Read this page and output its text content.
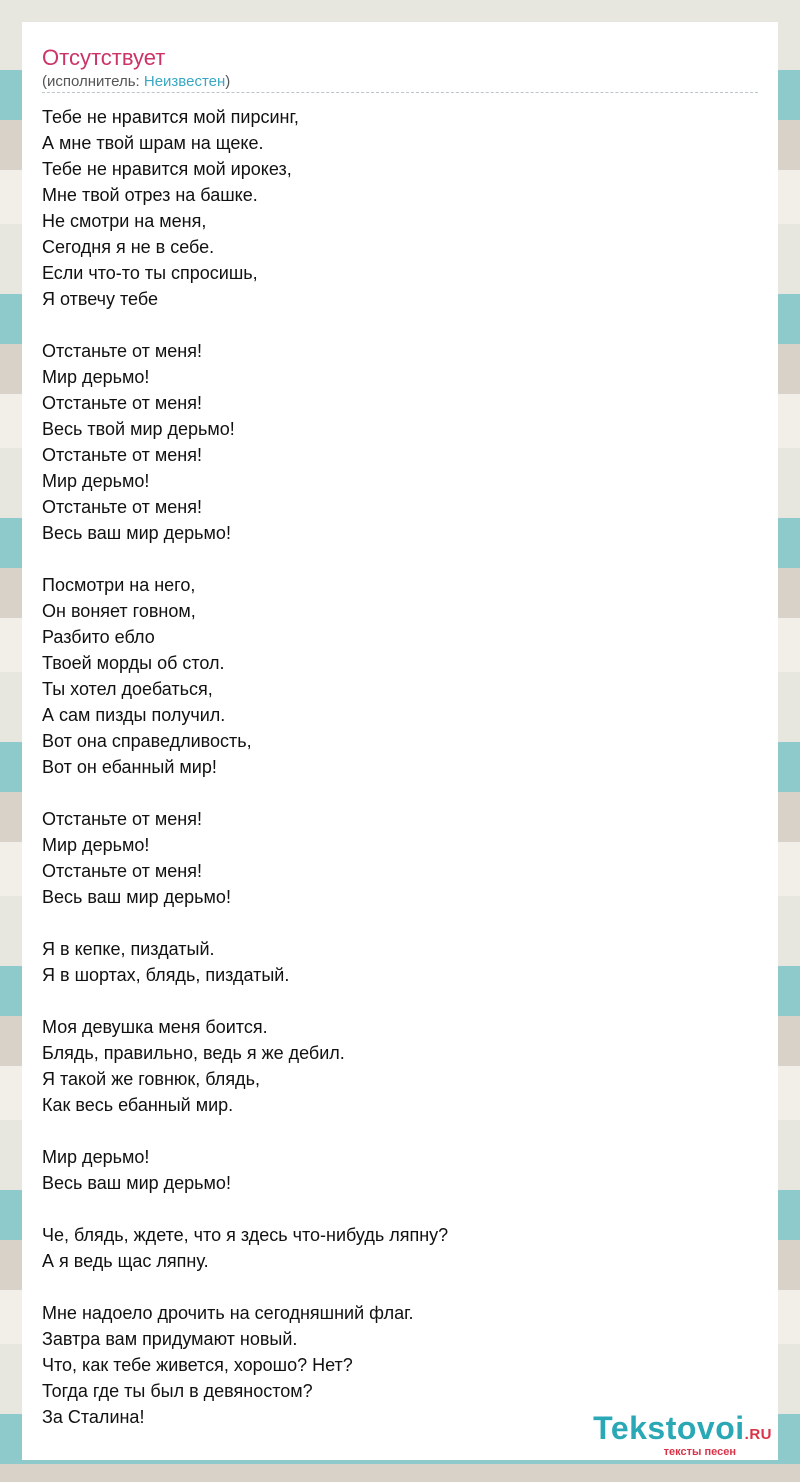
Отсутствует
(исполнитель: Неизвестен)
Тебе не нравится мой пирсинг,
А мне твой шрам на щеке.
Тебе не нравится мой ирокез,
Мне твой отрез на башке.
Не смотри на меня,
Сегодня я не в себе.
Если что-то ты спросишь,
Я отвечу тебе
Отстаньте от меня!
Мир дерьмо!
Отстаньте от меня!
Весь твой мир дерьмо!
Отстаньте от меня!
Мир дерьмо!
Отстаньте от меня!
Весь ваш мир дерьмо!
Посмотри на него,
Он воняет говном,
Разбито ебло
Твоей морды об стол.
Ты хотел доебаться,
А сам пизды получил.
Вот она справедливость,
Вот он ебанный мир!
Отстаньте от меня!
Мир дерьмо!
Отстаньте от меня!
Весь ваш мир дерьмо!
Я в кепке, пиздатый.
Я в шортах, блядь, пиздатый.
Моя девушка меня боится.
Блядь, правильно, ведь я же дебил.
Я такой же говнюк, блядь,
Как весь ебанный мир.
Мир дерьмо!
Весь ваш мир дерьмо!
Че, блядь, ждете, что я здесь что-нибудь ляпну?
А я ведь щас ляпну.
Мне надоело дрочить на сегодняшний флаг.
Завтра вам придумают новый.
Что, как тебе живется, хорошо? Нет?
Тогда где ты был в девяностом?
За Сталина!	Tekstovoi.RU
тексты песен
